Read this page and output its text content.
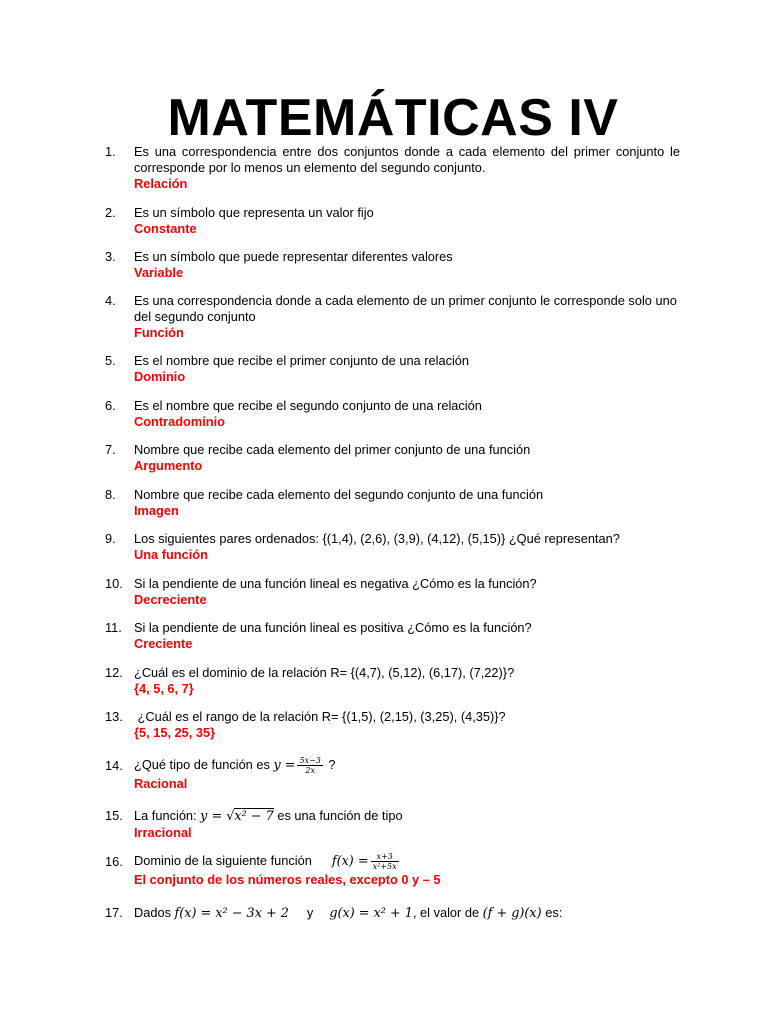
MATEMÁTICAS IV
1. Es una correspondencia entre dos conjuntos donde a cada elemento del primer conjunto le corresponde por lo menos un elemento del segundo conjunto.
Relación
2. Es un símbolo que representa un valor fijo
Constante
3. Es un símbolo que puede representar diferentes valores
Variable
4. Es una correspondencia donde a cada elemento de un primer conjunto le corresponde solo uno del segundo conjunto
Función
5. Es el nombre que recibe el primer conjunto de una relación
Dominio
6. Es el nombre que recibe el segundo conjunto de una relación
Contradominio
7. Nombre que recibe cada elemento del primer conjunto de una función
Argumento
8. Nombre que recibe cada elemento del segundo conjunto de una función
Imagen
9. Los siguientes pares ordenados: {(1,4), (2,6), (3,9), (4,12), (5,15)} ¿Qué representan?
Una función
10. Si la pendiente de una función lineal es negativa ¿Cómo es la función?
Decreciente
11. Si la pendiente de una función lineal es positiva ¿Cómo es la función?
Creciente
12. ¿Cuál es el dominio de la relación R= {(4,7), (5,12), (6,17), (7,22)}?
{4, 5, 6, 7}
13. ¿Cuál es el rango de la relación R= {(1,5), (2,15), (3,25), (4,35)}?
{5, 15, 25, 35}
14. ¿Qué tipo de función es $y = \frac{5x-3}{2x}$ ?
Racional
15. La función: y = √x² − 7 es una función de tipo
Irracional
16. Dominio de la siguiente función $f(x) = \frac{x+3}{\text{x²+5x}}$
El conjunto de los números reales, excepto 0 y – 5
17. Dados f(x) = x² − 3x + 2 y g(x) = x² + 1, el valor de (f + g)(x) es:
